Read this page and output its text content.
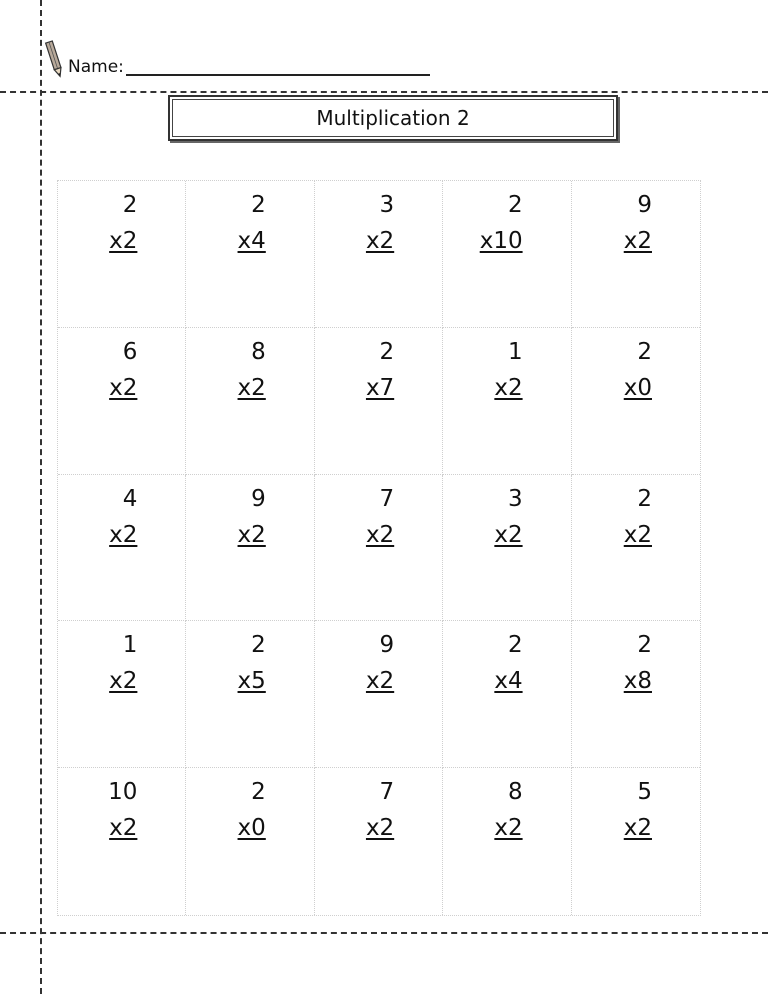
Name:
Multiplication 2
2
x2
2
x4
3
x2
2
x10
9
x2
6
x2
8
x2
2
x7
1
x2
2
x0
4
x2
9
x2
7
x2
3
x2
2
x2
1
x2
2
x5
9
x2
2
x4
2
x8
10
x2
2
x0
7
x2
8
x2
5
x2
